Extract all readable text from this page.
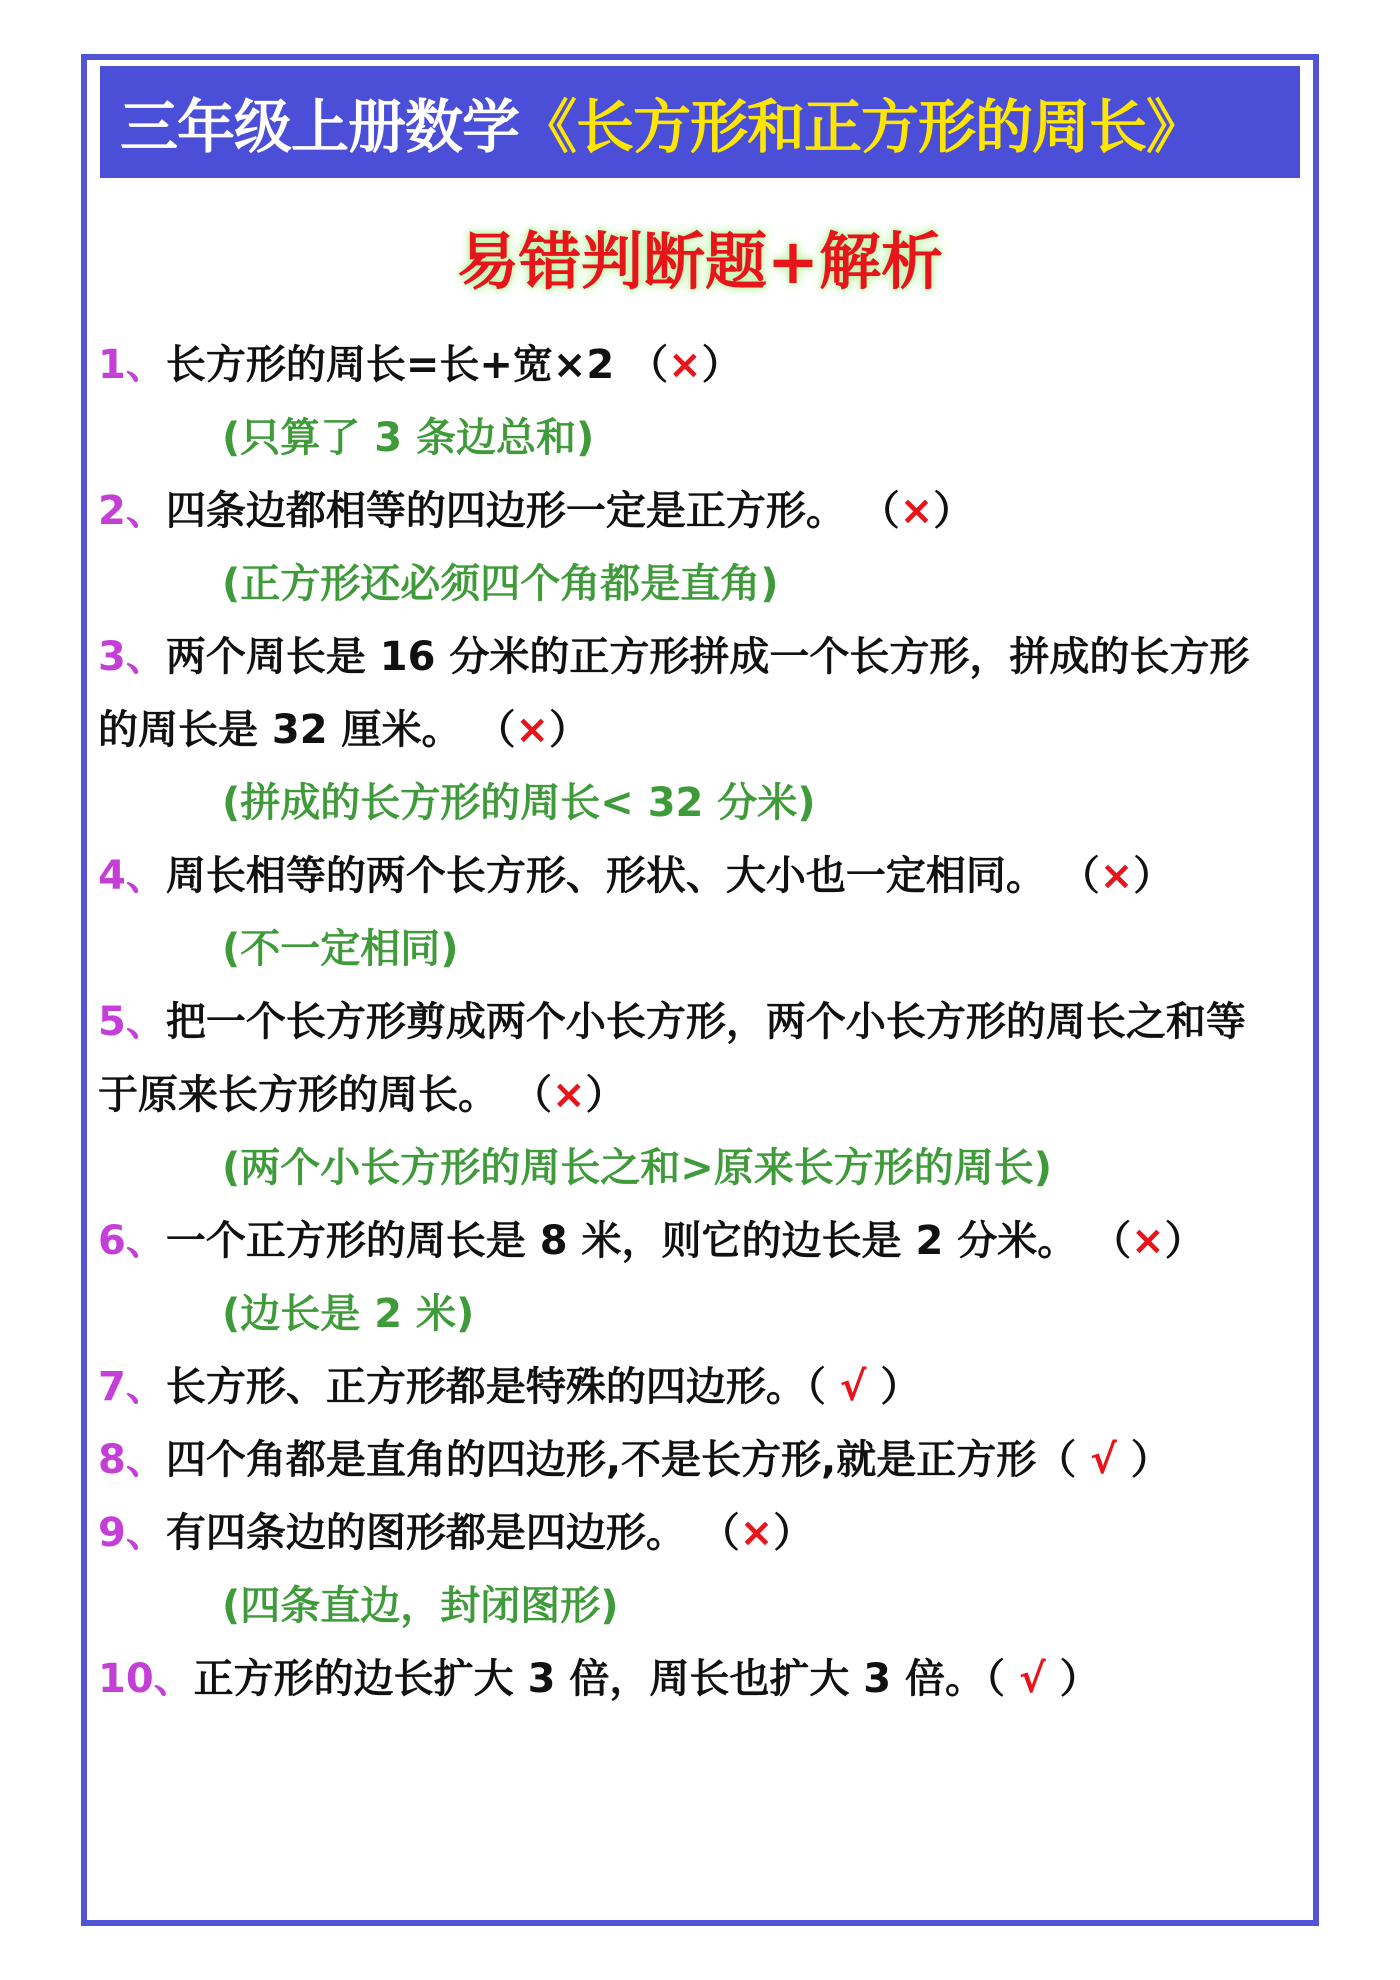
三年级上册数学 《长方形和正方形的周长》
易错判断题+解析
1、长方形的周长=长+宽×2 （×）
(只算了 3 条边总和)
2、四条边都相等的四边形一定是正方形。 （×）
(正方形还必须四个角都是直角)
3、两个周长是 16 分米的正方形拼成一个长方形，拼成的长方形
的周长是 32 厘米。 （×）
(拼成的长方形的周长< 32 分米)
4、周长相等的两个长方形、形状、大小也一定相同。 （×）
(不一定相同)
5、把一个长方形剪成两个小长方形，两个小长方形的周长之和等
于原来长方形的周长。 （×）
(两个小长方形的周长之和>原来长方形的周长)
6、一个正方形的周长是 8 米，则它的边长是 2 分米。 （×）
(边长是 2 米)
7、长方形、正方形都是特殊的四边形。（ √ ）
8、四个角都是直角的四边形,不是长方形,就是正方形（ √ ）
9、有四条边的图形都是四边形。 （×）
(四条直边，封闭图形)
10、正方形的边长扩大 3 倍，周长也扩大 3 倍。（ √ ）
